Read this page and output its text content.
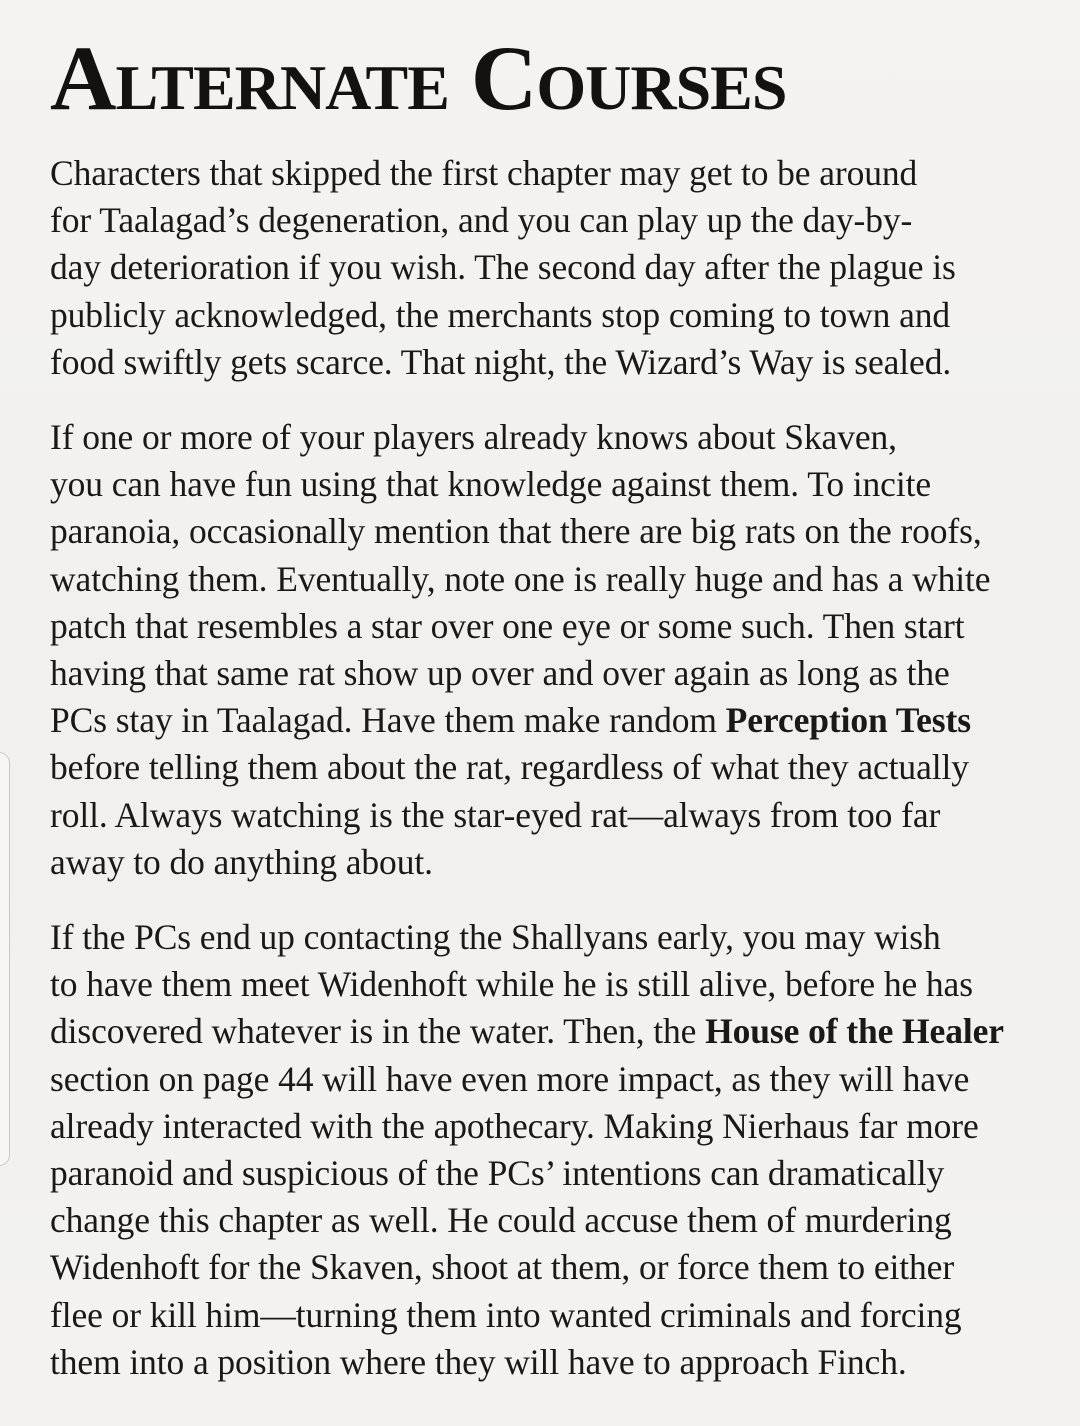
Alternate Courses

Characters that skipped the first chapter may get to be around
for Taalagad’s degeneration, and you can play up the day-by-
day deterioration if you wish. The second day after the plague is
publicly acknowledged, the merchants stop coming to town and
food swiftly gets scarce. That night, the Wizard’s Way is sealed.

If one or more of your players already knows about Skaven,
you can have fun using that knowledge against them. To incite
paranoia, occasionally mention that there are big rats on the roofs,
watching them. Eventually, note one is really huge and has a white
patch that resembles a star over one eye or some such. Then start
having that same rat show up over and over again as long as the
PCs stay in Taalagad. Have them make random Perception Tests
before telling them about the rat, regardless of what they actually
roll. Always watching is the star-eyed rat—always from too far
away to do anything about.

If the PCs end up contacting the Shallyans early, you may wish
to have them meet Widenhoft while he is still alive, before he has
discovered whatever is in the water. Then, the House of the Healer
section on page 44 will have even more impact, as they will have
already interacted with the apothecary. Making Nierhaus far more
paranoid and suspicious of the PCs’ intentions can dramatically
change this chapter as well. He could accuse them of murdering
Widenhoft for the Skaven, shoot at them, or force them to either
flee or kill him—turning them into wanted criminals and forcing
them into a position where they will have to approach Finch.
